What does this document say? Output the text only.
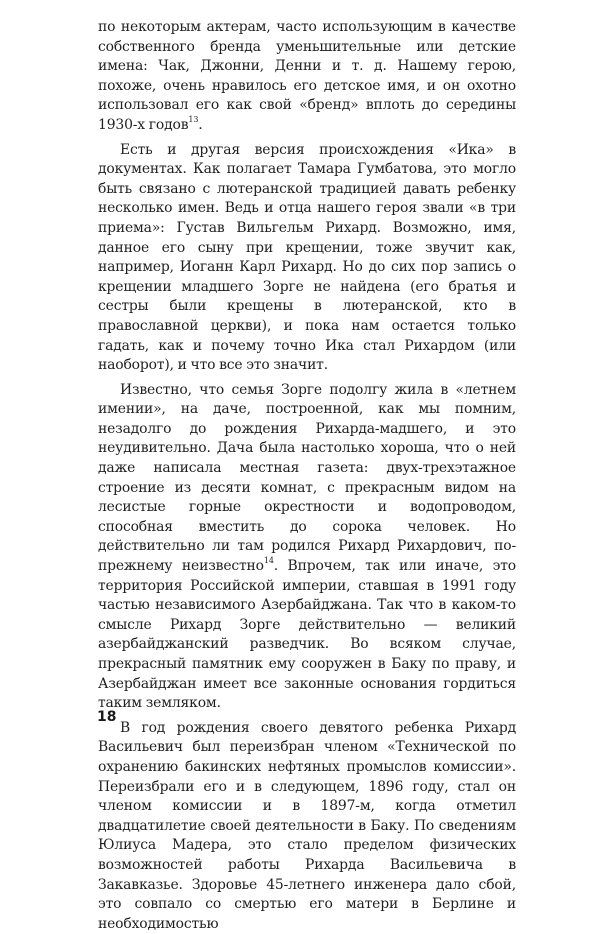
по некоторым актерам, часто использующим в качестве собственного бренда уменьшительные или детские имена: Чак, Джонни, Денни и т. д. Нашему герою, похоже, очень нравилось его детское имя, и он охотно использовал его как свой «бренд» вплоть до середины 1930-х годов$^{13}$.

Есть и другая версия происхождения «Ика» в документах. Как полагает Тамара Гумбатова, это могло быть связано с лютеранской традицией давать ребенку несколько имен. Ведь и отца нашего героя звали «в три приема»: Густав Вильгельм Рихард. Возможно, имя, данное его сыну при крещении, тоже звучит как, например, Иоганн Карл Рихард. Но до сих пор запись о крещении младшего Зорге не найдена (его братья и сестры были крещены в лютеранской, кто в православной церкви), и пока нам остается только гадать, как и почему точно Ика стал Рихардом (или наоборот), и что все это значит.

Известно, что семья Зорге подолгу жила в «летнем имении», на даче, построенной, как мы помним, незадолго до рождения Рихарда-мадшего, и это неудивительно. Дача была настолько хороша, что о ней даже написала местная газета: двух-трехэтажное строение из десяти комнат, с прекрасным видом на лесистые горные окрестности и водопроводом, способная вместить до сорока человек. Но действительно ли там родился Рихард Рихардович, по-прежнему неизвестно$^{14}$. Впрочем, так или иначе, это территория Российской империи, ставшая в 1991 году частью независимого Азербайджана. Так что в каком-то смысле Рихард Зорге действительно — великий азербайджанский разведчик. Во всяком случае, прекрасный памятник ему сооружен в Баку по праву, и Азербайджан имеет все законные основания гордиться таким земляком.

В год рождения своего девятого ребенка Рихард Васильевич был переизбран членом «Технической по охранению бакинских нефтяных промыслов комиссии». Переизбрали его и в следующем, 1896 году, стал он членом комиссии и в 1897-м, когда отметил двадцатилетие своей деятельности в Баку. По сведениям Юлиуса Мадера, это стало пределом физических возможностей работы Рихарда Васильевича в Закавказье. Здоровье 45-летнего инженера дало сбой, это совпало со смертью его матери в Берлине и необходимостью

18
